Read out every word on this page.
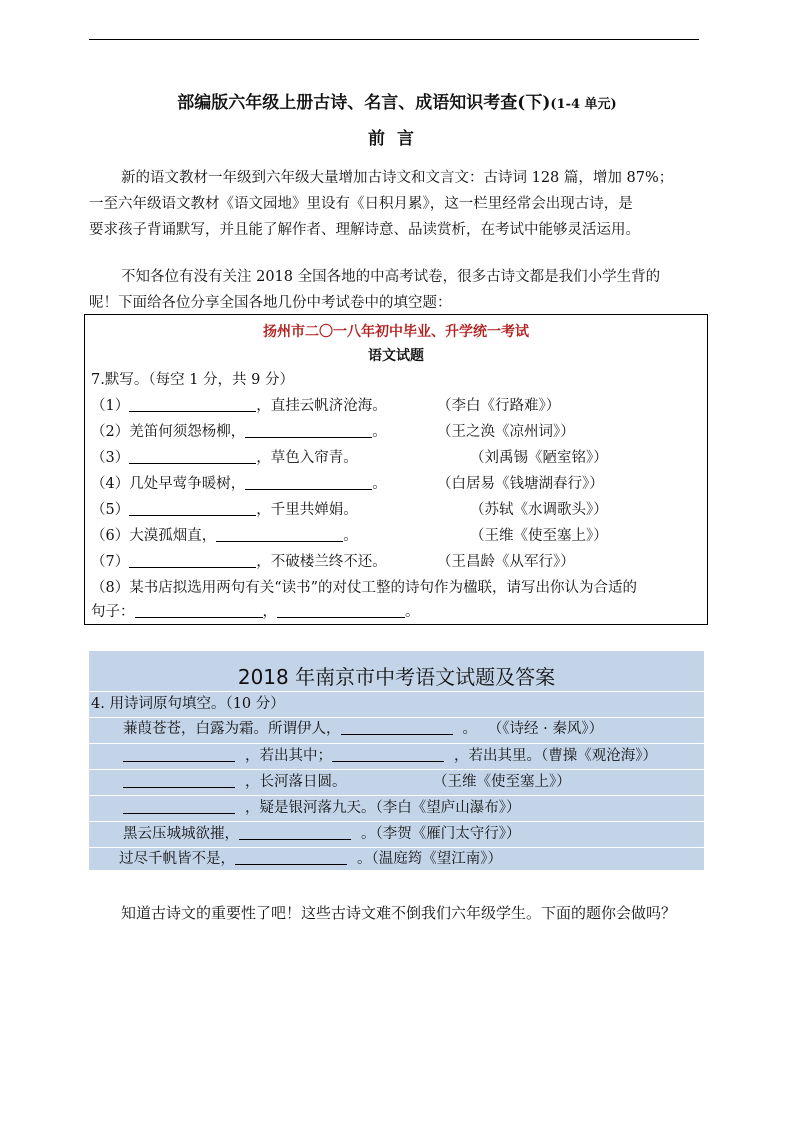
部编版六年级上册古诗、名言、成语知识考查(下)(1-4 单元)
前言
新的语文教材一年级到六年级大量增加古诗文和文言文：古诗词 128 篇，增加 87%；
一至六年级语文教材《语文园地》里设有《日积月累》，这一栏里经常会出现古诗，是
要求孩子背诵默写，并且能了解作者、理解诗意、品读赏析，在考试中能够灵活运用。
不知各位有没有关注 2018 全国各地的中高考试卷，很多古诗文都是我们小学生背的
呢！下面给各位分享全国各地几份中考试卷中的填空题：
扬州市二〇一八年初中毕业、升学统一考试
语文试题
7.默写。（每空 1 分，共 9 分）
（1）	，直挂云帆济沧海。	（李白《行路难》）
（2）羌笛何须怨杨柳，	。	（王之涣《凉州词》）
（3）	，草色入帘青。	（刘禹锡《陋室铭》）
（4）几处早莺争暖树，	。	（白居易《钱塘湖春行》）
（5）	，千里共婵娟。	（苏轼《水调歌头》）
（6）大漠孤烟直，	。	（王维《使至塞上》）
（7）	，不破楼兰终不还。	（王昌龄《从军行》）
（8）某书店拟选用两句有关“读书”的对仗工整的诗句作为楹联，请写出你认为合适的
句子：	，	。
2018 年南京市中考语文试题及答案
4. 用诗词原句填空。（10 分）
蒹葭苍苍，白露为霜。所谓伊人，	。 （《诗经 · 秦风》）
，若出其中；	，若出其里。（曹操《观沧海》）
，长河落日圆。	（王维《使至塞上》）
，疑是银河落九天。（李白《望庐山瀑布》）
黑云压城城欲摧，	。（李贺《雁门太守行》）
过尽千帆皆不是，	。（温庭筠《望江南》）
知道古诗文的重要性了吧！这些古诗文难不倒我们六年级学生。下面的题你会做吗？
